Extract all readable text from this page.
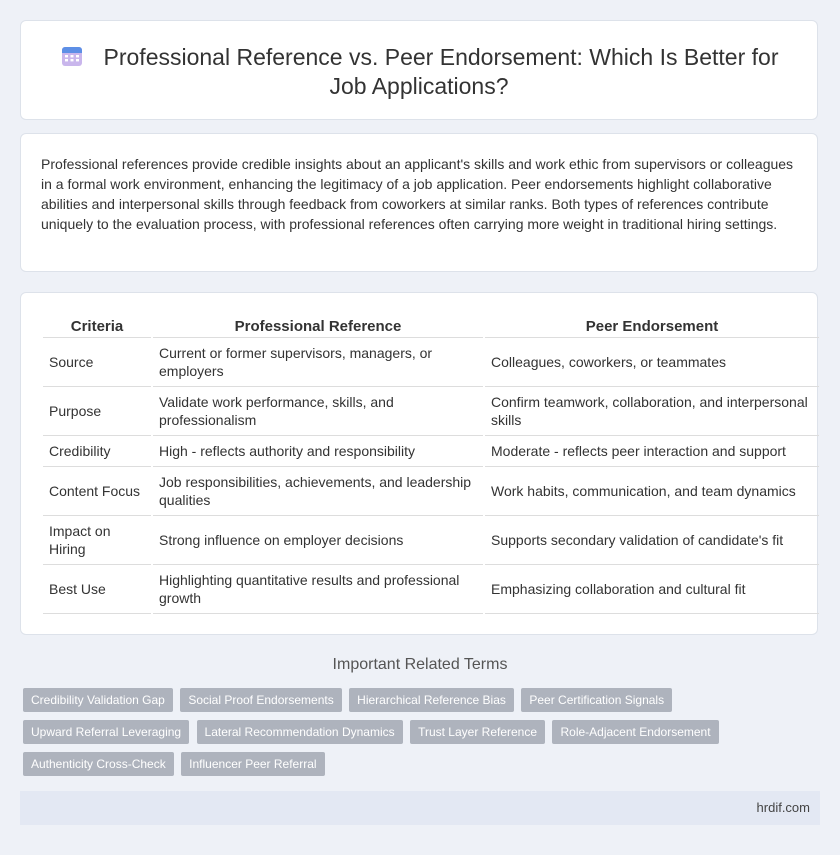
Professional Reference vs. Peer Endorsement: Which Is Better for Job Applications?
Professional references provide credible insights about an applicant's skills and work ethic from supervisors or colleagues in a formal work environment, enhancing the legitimacy of a job application. Peer endorsements highlight collaborative abilities and interpersonal skills through feedback from coworkers at similar ranks. Both types of references contribute uniquely to the evaluation process, with professional references often carrying more weight in traditional hiring settings.
Criteria	Professional Reference	Peer Endorsement
Source	Current or former supervisors, managers, or employers	Colleagues, coworkers, or teammates
Purpose	Validate work performance, skills, and professionalism	Confirm teamwork, collaboration, and interpersonal skills
Credibility	High - reflects authority and responsibility	Moderate - reflects peer interaction and support
Content Focus	Job responsibilities, achievements, and leadership qualities	Work habits, communication, and team dynamics
Impact on Hiring	Strong influence on employer decisions	Supports secondary validation of candidate's fit
Best Use	Highlighting quantitative results and professional growth	Emphasizing collaboration and cultural fit
Important Related Terms
Credibility Validation Gap Social Proof Endorsements Hierarchical Reference Bias Peer Certification Signals
Upward Referral Leveraging Lateral Recommendation Dynamics Trust Layer Reference Role-Adjacent Endorsement
Authenticity Cross-Check Influencer Peer Referral
hrdif.com
